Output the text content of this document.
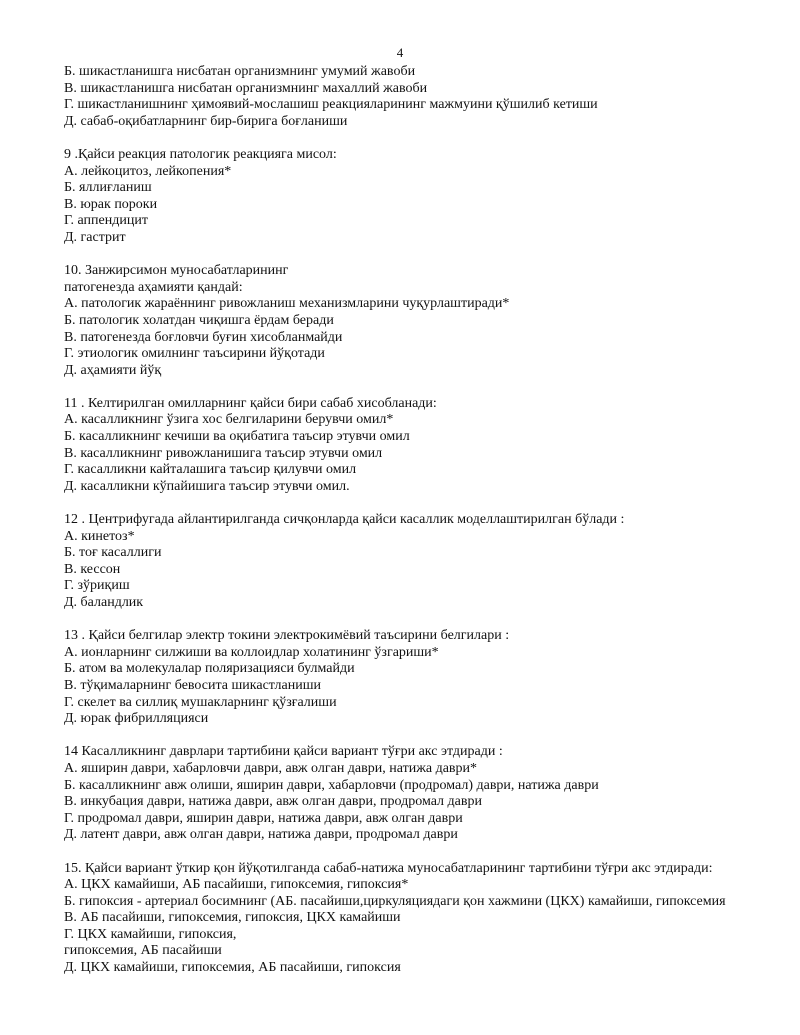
4
Б. шикастланишга нисбатан организмнинг умумий жавоби
В. шикастланишга нисбатан организмнинг махаллий жавоби
Г. шикастланишнинг ҳимоявий-мослашиш реакцияларининг мажмуини қўшилиб кетиши
Д. сабаб-оқибатларнинг бир-бирига боғланиши
9 .Қайси реакция патологик реакцияга мисол:
А. лейкоцитоз, лейкопения*
Б. яллиғланиш
В. юрак пороки
Г. аппендицит
Д. гастрит
10. Занжирсимон муносабатларининг
патогенезда аҳамияти қандай:
А. патологик жараённинг ривожланиш механизмларини чуқурлаштиради*
Б. патологик холатдан чиқишга ёрдам беради
В. патогенезда боғловчи буғин хисобланмайди
Г. этиологик омилнинг таъсирини йўқотади
Д. аҳамияти йўқ
11 . Келтирилган омилларнинг қайси бири сабаб хисобланади:
А. касалликнинг ўзига хос белгиларини берувчи омил*
Б. касалликнинг кечиши ва оқибатига таъсир этувчи омил
В. касалликнинг ривожланишига таъсир этувчи омил
Г. касалликни кайталашига таъсир қилувчи омил
Д. касалликни кўпайишига таъсир этувчи омил.
12 . Центрифугада айлантирилганда сичқонларда қайси касаллик моделлаштирилган бўлади :
А. кинетоз*
Б. тоғ касаллиги
В. кессон
Г. зўриқиш
Д. баландлик
13 . Қайси белгилар электр токини электрокимёвий таъсирини белгилари :
А. ионларнинг силжиши ва коллоидлар холатининг ўзгариши*
Б. атом ва молекулалар поляризацияси булмайди
В. тўқималарнинг бевосита шикастланиши
Г. скелет ва силлиқ мушакларнинг қўзғалиши
Д. юрак фибрилляцияси
14 Касалликнинг даврлари тартибини қайси вариант тўғри акс этдиради :
А. яширин даври, хабарловчи даври, авж олган даври, натижа даври*
Б. касалликнинг авж олиши, яширин даври, хабарловчи (продромал) даври, натижа даври
В. инкубация даври, натижа даври, авж олган даври, продромал даври
Г. продромал даври, яширин даври, натижа даври, авж олган даври
Д. латент даври, авж олган даври, натижа даври, продромал даври
15. Қайси вариант ўткир қон йўқотилганда сабаб-натижа муносабатларининг тартибини тўғри акс этдиради:
А. ЦКХ камайиши, АБ пасайиши, гипоксемия, гипоксия*
Б. гипоксия - артериал босимнинг (АБ. пасайиши,циркуляциядаги қон хажмини (ЦКХ) камайиши, гипоксемия
В. АБ пасайиши, гипоксемия, гипоксия, ЦКХ камайиши
Г. ЦКХ камайиши, гипоксия,
гипоксемия, АБ пасайиши
Д. ЦКХ камайиши, гипоксемия, АБ пасайиши, гипоксия
